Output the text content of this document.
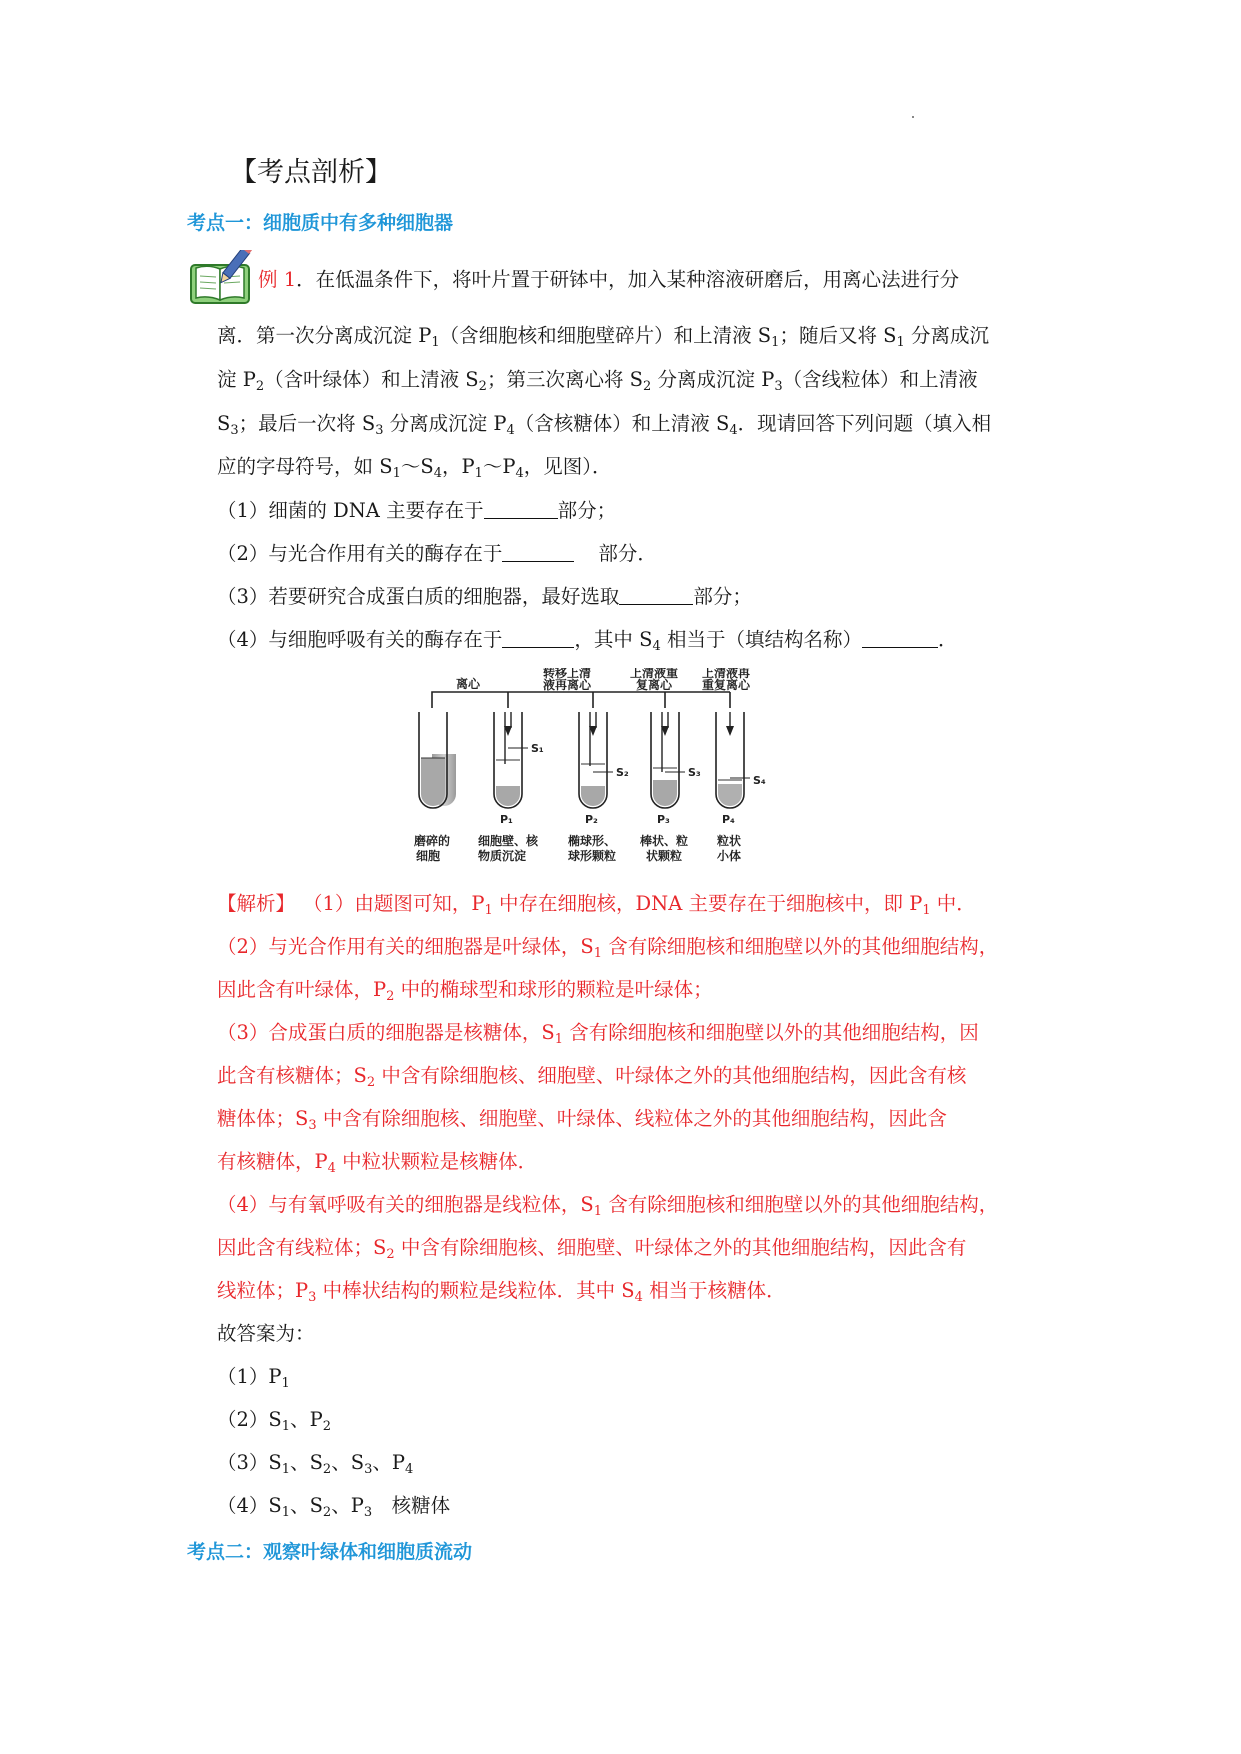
【考点剖析】
考点一：细胞质中有多种细胞器
例 1．在低温条件下，将叶片置于研钵中，加入某种溶液研磨后，用离心法进行分
离．第一次分离成沉淀 $P_1$（含细胞核和细胞壁碎片）和上清液 $S_1$；随后又将 $S_1$ 分离成沉
淀 $P_2$（含叶绿体）和上清液 $S_2$；第三次离心将 $S_2$ 分离成沉淀 $P_3$（含线粒体）和上清液
$S_3$；最后一次将 $S_3$ 分离成沉淀 $P_4$（含核糖体）和上清液 $S_4$．现请回答下列问题（填入相
应的字母符号，如 $S_1\sim S_4$，$P_1\sim P_4$，见图）．
（1）细菌的 DNA 主要存在于	部分；
（2）与光合作用有关的酶存在于	部分．
（3）若要研究合成蛋白质的细胞器，最好选取	部分；
（4）与细胞呼吸有关的酶存在于	，其中 $S_4$ 相当于（填结构名称）	．
离心
转移上清
液再离心
上清液重
复离心
上清液再
重复离心
S₁
P₁
S₂
P₂
S₃
P₃
S₄
P₄
磨碎的
细胞
细胞壁、核
物质沉淀
椭球形、
球形颗粒
棒状、粒
状颗粒
粒状
小体
【解析】 （1）由题图可知，$P_1$ 中存在细胞核，DNA 主要存在于细胞核中，即 $P_1$ 中．
（2）与光合作用有关的细胞器是叶绿体，$S_1$ 含有除细胞核和细胞壁以外的其他细胞结构，
因此含有叶绿体，$P_2$ 中的椭球型和球形的颗粒是叶绿体；
（3）合成蛋白质的细胞器是核糖体，$S_1$ 含有除细胞核和细胞壁以外的其他细胞结构，因
此含有核糖体；$S_2$ 中含有除细胞核、细胞壁、叶绿体之外的其他细胞结构，因此含有核
糖体体；$S_3$ 中含有除细胞核、细胞壁、叶绿体、线粒体之外的其他细胞结构，因此含
有核糖体，$P_4$ 中粒状颗粒是核糖体．
（4）与有氧呼吸有关的细胞器是线粒体，$S_1$ 含有除细胞核和细胞壁以外的其他细胞结构，
因此含有线粒体；$S_2$ 中含有除细胞核、细胞壁、叶绿体之外的其他细胞结构，因此含有
线粒体；$P_3$ 中棒状结构的颗粒是线粒体．其中 $S_4$ 相当于核糖体．
故答案为：
$(1)P_1$
$(2)S_1$、$P_2$
$(3)S_1$、$S_2$、$S_3$、$P_4$
$(4)S_1$、$S_2$、$P_3$　核糖体
考点二：观察叶绿体和细胞质流动
